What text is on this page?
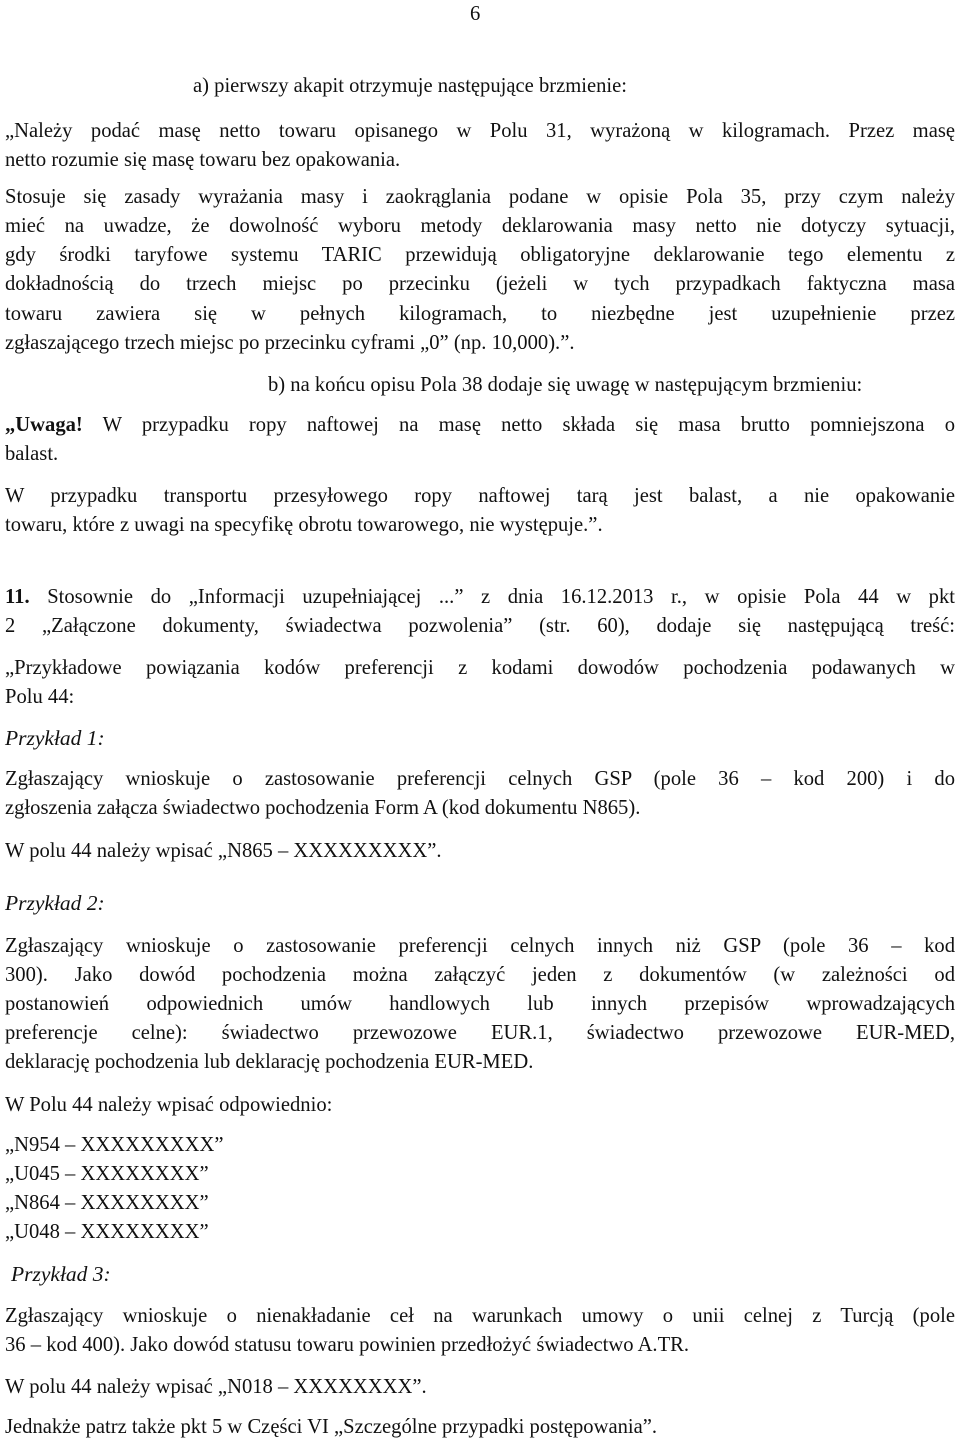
6
a) pierwszy akapit otrzymuje następujące brzmienie:
„Należy podać masę netto towaru opisanego w Polu 31, wyrażoną w kilogramach. Przez masę
netto rozumie się masę towaru bez opakowania.
Stosuje się zasady wyrażania masy i zaokrąglania podane w opisie Pola 35, przy czym należy
mieć na uwadze, że dowolność wyboru metody deklarowania masy netto nie dotyczy sytuacji,
gdy środki taryfowe systemu TARIC przewidują obligatoryjne deklarowanie tego elementu z
dokładnością do trzech miejsc po przecinku (jeżeli w tych przypadkach faktyczna masa
towaru zawiera się w pełnych kilogramach, to niezbędne jest uzupełnienie przez
zgłaszającego trzech miejsc po przecinku cyframi „0” (np. 10,000).”.
b) na końcu opisu Pola 38 dodaje się uwagę w następującym brzmieniu:
„Uwaga! W przypadku ropy naftowej na masę netto składa się masa brutto pomniejszona o
balast.
W przypadku transportu przesyłowego ropy naftowej tarą jest balast, a nie opakowanie
towaru, które z uwagi na specyfikę obrotu towarowego, nie występuje.”.
11. Stosownie do „Informacji uzupełniającej ...” z dnia 16.12.2013 r., w opisie Pola 44 w pkt
2 „Załączone dokumenty, świadectwa pozwolenia” (str. 60), dodaje się następującą treść:
„Przykładowe powiązania kodów preferencji z kodami dowodów pochodzenia podawanych w
Polu 44:
Przykład 1:
Zgłaszający wnioskuje o zastosowanie preferencji celnych GSP (pole 36 – kod 200) i do
zgłoszenia załącza świadectwo pochodzenia Form A (kod dokumentu N865).
W polu 44 należy wpisać „N865 – XXXXXXXXX”.
Przykład 2:
Zgłaszający wnioskuje o zastosowanie preferencji celnych innych niż GSP (pole 36 – kod
300). Jako dowód pochodzenia można załączyć jeden z dokumentów (w zależności od
postanowień odpowiednich umów handlowych lub innych przepisów wprowadzających
preferencje celne): świadectwo przewozowe EUR.1, świadectwo przewozowe EUR-MED,
deklarację pochodzenia lub deklarację pochodzenia EUR-MED.
W Polu 44 należy wpisać odpowiednio:
„N954 – XXXXXXXXX”
„U045 – XXXXXXXX”
„N864 – XXXXXXXX”
„U048 – XXXXXXXX”
Przykład 3:
Zgłaszający wnioskuje o nienakładanie ceł na warunkach umowy o unii celnej z Turcją (pole
36 – kod 400). Jako dowód statusu towaru powinien przedłożyć świadectwo A.TR.
W polu 44 należy wpisać „N018 – XXXXXXXX”.
Jednakże patrz także pkt 5 w Części VI „Szczególne przypadki postępowania”.
